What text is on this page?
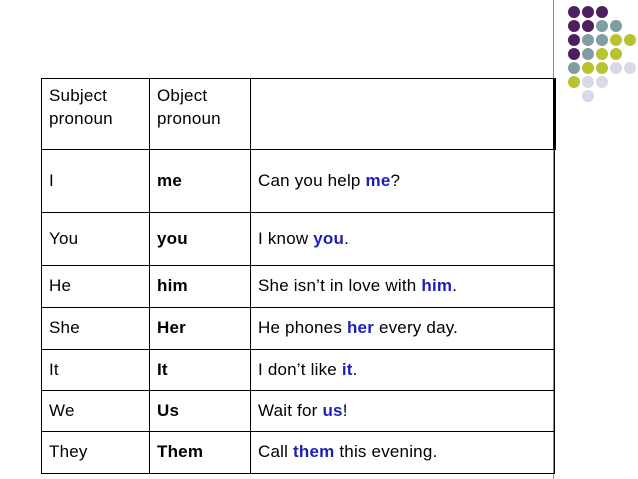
Subject pronoun	Object pronoun	
I	me	Can you help me?
You	you	I know you.
He	him	She isn’t in love with him.
She	Her	He phones her every day.
It	It	I don’t like it.
We	Us	Wait for us!
They	Them	Call them this evening.
